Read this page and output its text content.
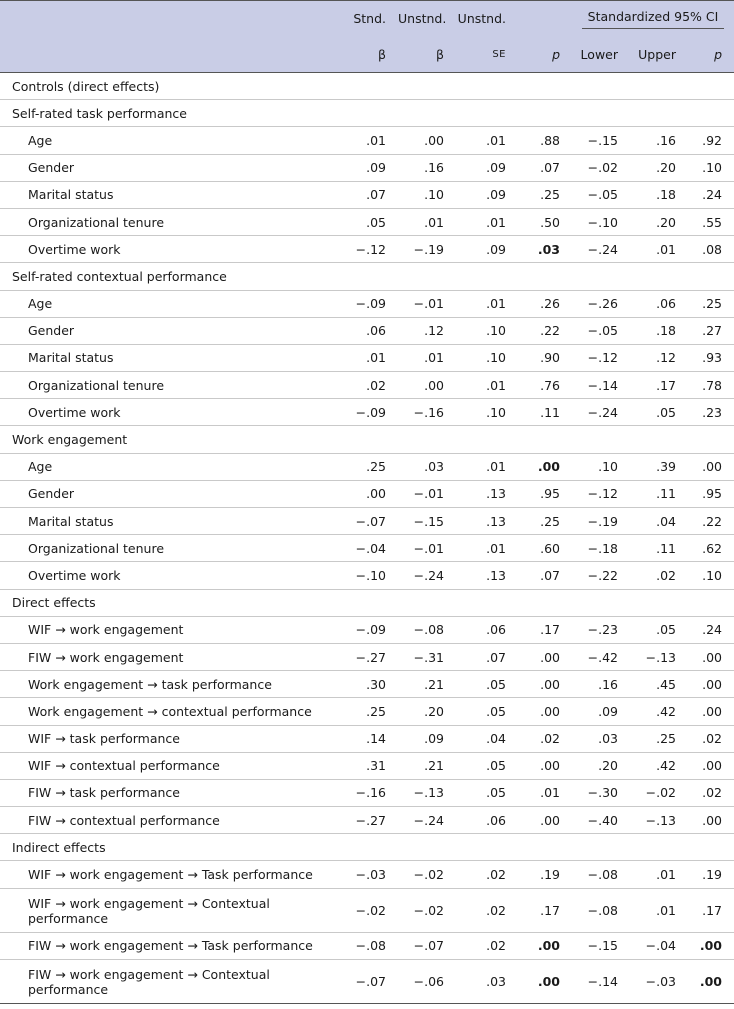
	Stnd.	Unstnd.	Unstnd.		Standardized 95% CI		
	β	β	SE	p	Lower	Upper	p
Controls (direct effects)							
Self-rated task performance							
Age	.01	.00	.01	.88	−.15	.16	.92
Gender	.09	.16	.09	.07	−.02	.20	.10
Marital status	.07	.10	.09	.25	−.05	.18	.24
Organizational tenure	.05	.01	.01	.50	−.10	.20	.55
Overtime work	−.12	−.19	.09	.03	−.24	.01	.08
Self-rated contextual performance							
Age	−.09	−.01	.01	.26	−.26	.06	.25
Gender	.06	.12	.10	.22	−.05	.18	.27
Marital status	.01	.01	.10	.90	−.12	.12	.93
Organizational tenure	.02	.00	.01	.76	−.14	.17	.78
Overtime work	−.09	−.16	.10	.11	−.24	.05	.23
Work engagement							
Age	.25	.03	.01	.00	.10	.39	.00
Gender	.00	−.01	.13	.95	−.12	.11	.95
Marital status	−.07	−.15	.13	.25	−.19	.04	.22
Organizational tenure	−.04	−.01	.01	.60	−.18	.11	.62
Overtime work	−.10	−.24	.13	.07	−.22	.02	.10
Direct effects							
WIF → work engagement	−.09	−.08	.06	.17	−.23	.05	.24
FIW → work engagement	−.27	−.31	.07	.00	−.42	−.13	.00
Work engagement → task performance	.30	.21	.05	.00	.16	.45	.00
Work engagement → contextual performance	.25	.20	.05	.00	.09	.42	.00
WIF → task performance	.14	.09	.04	.02	.03	.25	.02
WIF → contextual performance	.31	.21	.05	.00	.20	.42	.00
FIW → task performance	−.16	−.13	.05	.01	−.30	−.02	.02
FIW → contextual performance	−.27	−.24	.06	.00	−.40	−.13	.00
Indirect effects							
WIF → work engagement → Task performance	−.03	−.02	.02	.19	−.08	.01	.19
WIF → work engagement → Contextual performance	−.02	−.02	.02	.17	−.08	.01	.17
FIW → work engagement → Task performance	−.08	−.07	.02	.00	−.15	−.04	.00
FIW → work engagement → Contextual performance	−.07	−.06	.03	.00	−.14	−.03	.00
